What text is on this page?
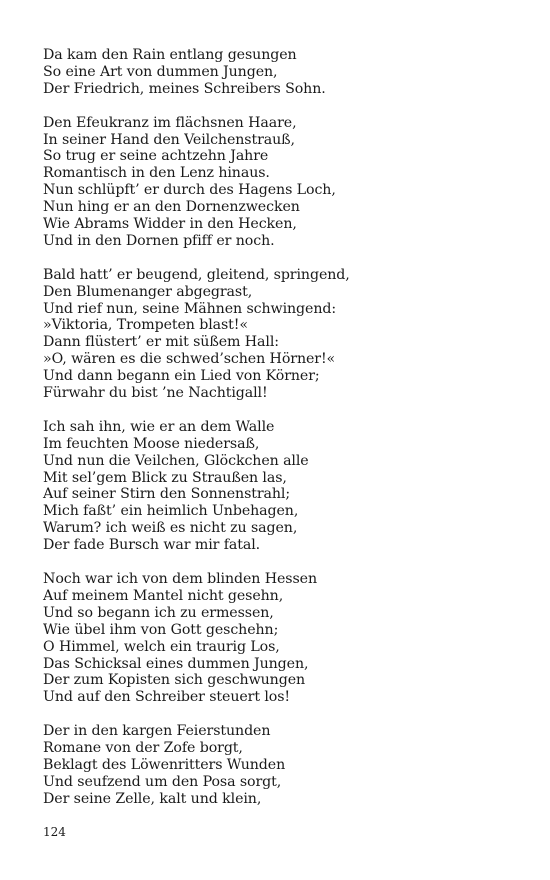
Da kam den Rain entlang gesungen
So eine Art von dummen Jungen,
Der Friedrich, meines Schreibers Sohn.
Den Efeukranz im flächsnen Haare,
In seiner Hand den Veilchenstrauß,
So trug er seine achtzehn Jahre
Romantisch in den Lenz hinaus.
Nun schlüpft’ er durch des Hagens Loch,
Nun hing er an den Dornenzwecken
Wie Abrams Widder in den Hecken,
Und in den Dornen pfiff er noch.
Bald hatt’ er beugend, gleitend, springend,
Den Blumenanger abgegrast,
Und rief nun, seine Mähnen schwingend:
»Viktoria, Trompeten blast!«
Dann flüstert’ er mit süßem Hall:
»O, wären es die schwed’schen Hörner!«
Und dann begann ein Lied von Körner;
Fürwahr du bist ’ne Nachtigall!
Ich sah ihn, wie er an dem Walle
Im feuchten Moose niedersaß,
Und nun die Veilchen, Glöckchen alle
Mit sel’gem Blick zu Straußen las,
Auf seiner Stirn den Sonnenstrahl;
Mich faßt’ ein heimlich Unbehagen,
Warum? ich weiß es nicht zu sagen,
Der fade Bursch war mir fatal.
Noch war ich von dem blinden Hessen
Auf meinem Mantel nicht gesehn,
Und so begann ich zu ermessen,
Wie übel ihm von Gott geschehn;
O Himmel, welch ein traurig Los,
Das Schicksal eines dummen Jungen,
Der zum Kopisten sich geschwungen
Und auf den Schreiber steuert los!
Der in den kargen Feierstunden
Romane von der Zofe borgt,
Beklagt des Löwenritters Wunden
Und seufzend um den Posa sorgt,
Der seine Zelle, kalt und klein,
124
